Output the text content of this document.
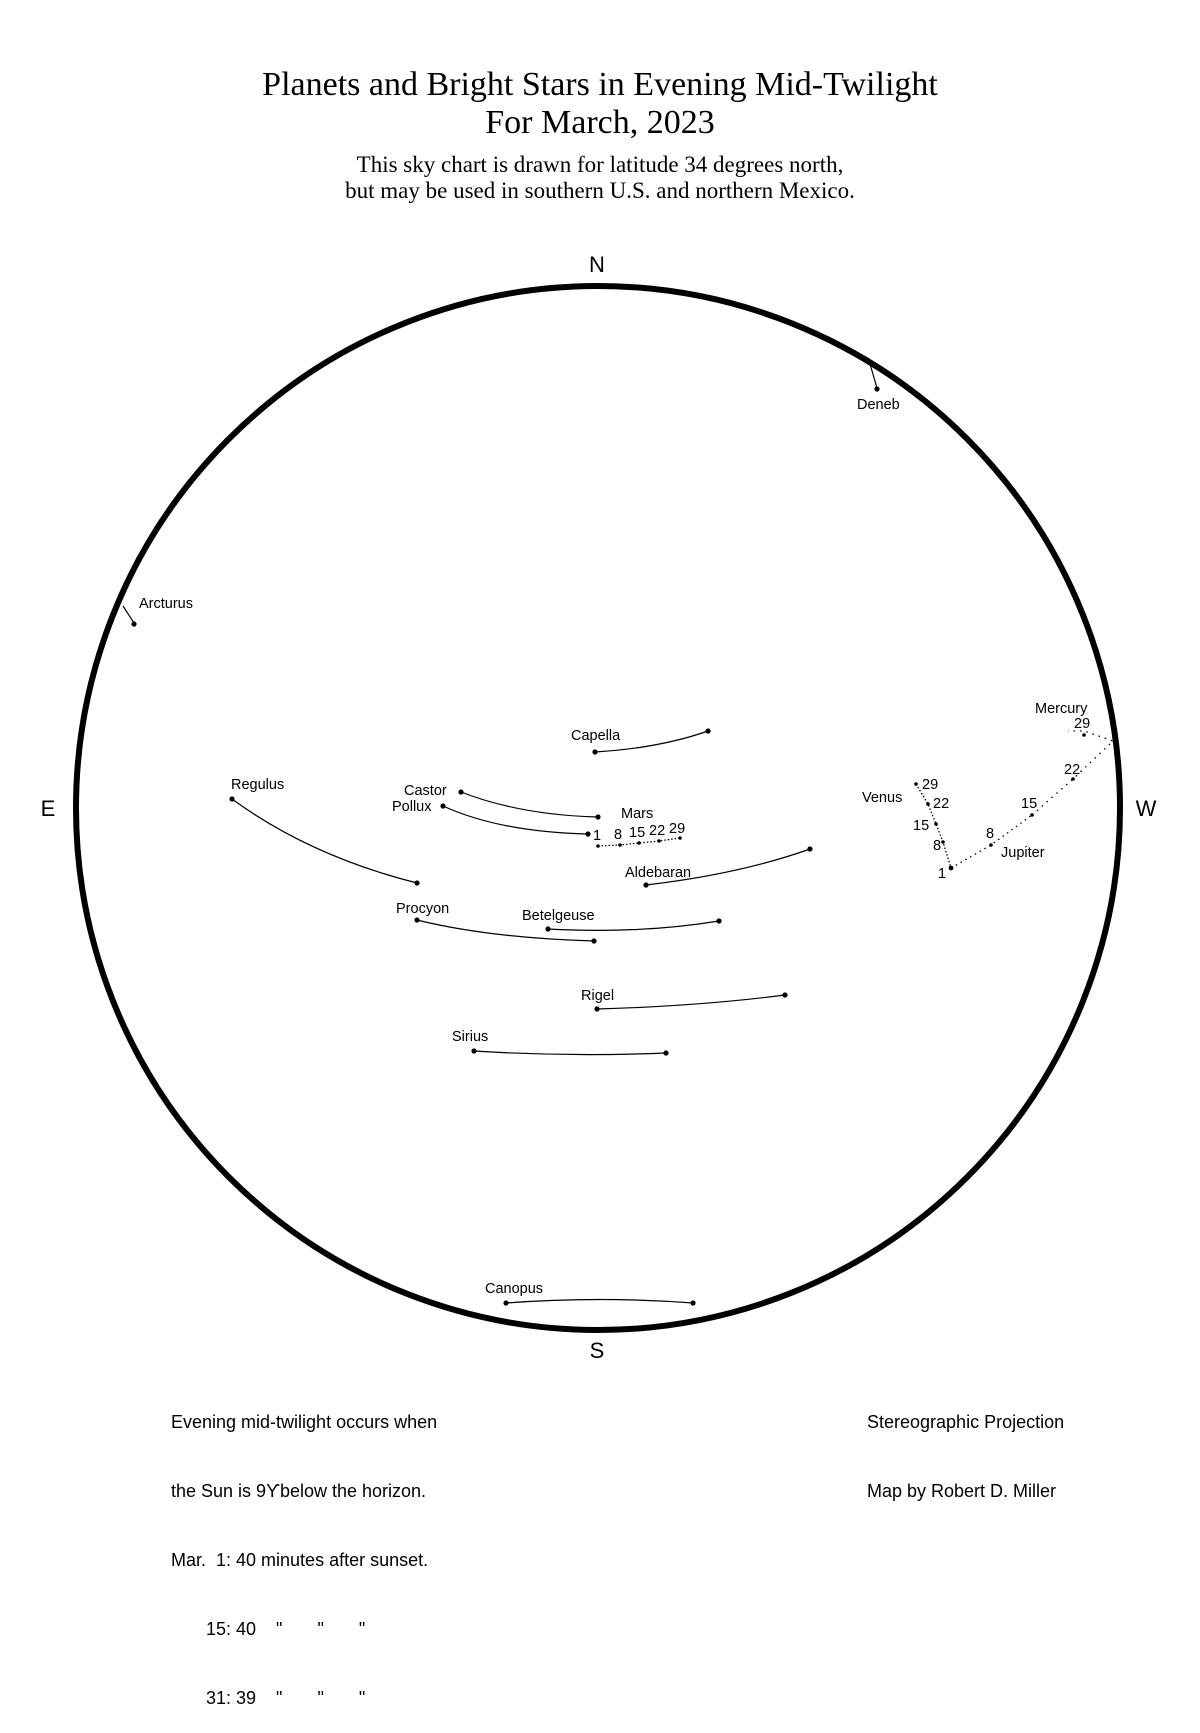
Planets and Bright Stars in Evening Mid-Twilight
For March, 2023
This sky chart is drawn for latitude 34 degrees north,
but may be used in southern U.S. and northern Mexico.
N
S
E	W
Deneb
Arcturus
Capella
Castor
Pollux	Mars
1 8 15 22 29
Regulus
Aldebaran
Procyon	Betelgeuse
Rigel
Sirius
Canopus
Venus
29
22
15
8
1
8
Jupiter
15
22
29
Mercury

Evening mid-twilight occurs when

the Sun is 9ϒbelow the horizon.

Mar.  1: 40 minutes after sunset.

15: 40    "       "       "

31: 39    "       "       "

Stereographic Projection

Map by Robert D. Miller
